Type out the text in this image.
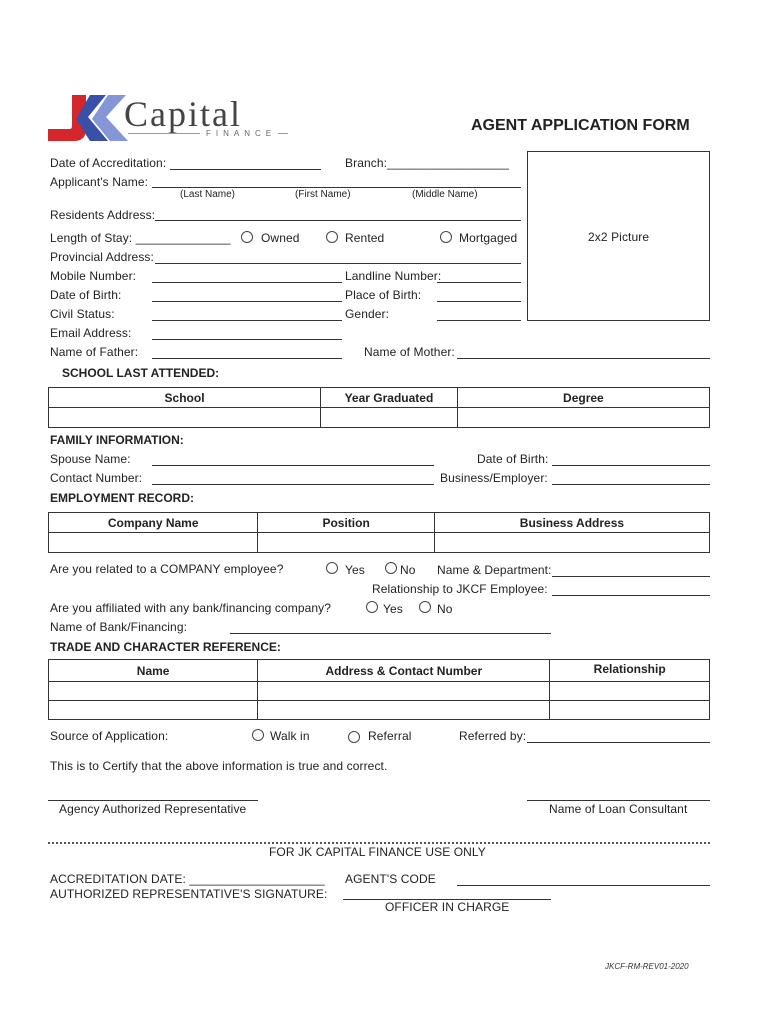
Capital
FINANCE	AGENT APPLICATION FORM
2x2 Picture
Date of Accreditation:	Branch:__________________
Applicant's Name:
(Last Name)	(First Name)	(Middle Name)
Residents Address:
Length of Stay: ______________	Owned	Rented	Mortgaged
Provincial Address:
Mobile Number:	Landline Number:
Date of Birth:	Place of Birth:
Civil Status:	Gender:
Email Address:
Name of Father:	Name of Mother:
SCHOOL LAST ATTENDED:
School	Year Graduated	Degree

FAMILY INFORMATION:
Spouse Name:	Date of Birth:
Contact Number:	Business/Employer:
EMPLOYMENT RECORD:
Company Name	Position	Business Address

Are you related to a COMPANY employee?	Yes	No Name & Department:
Relationship to JKCF Employee:
Are you affiliated with any bank/financing company?	Yes	No
Name of Bank/Financing:
TRADE AND CHARACTER REFERENCE:
Name	Address & Contact Number	Relationship

Source of Application:	Walk in	Referral	Referred by:
This is to Certify that the above information is true and correct.
Agency Authorized Representative	Name of Loan Consultant
FOR JK CAPITAL FINANCE USE ONLY
ACCREDITATION DATE: ____________________
AUTHORIZED REPRESENTATIVE'S SIGNATURE:
AGENT'S CODE
OFFICER IN CHARGE
JKCF-RM-REV01-2020
